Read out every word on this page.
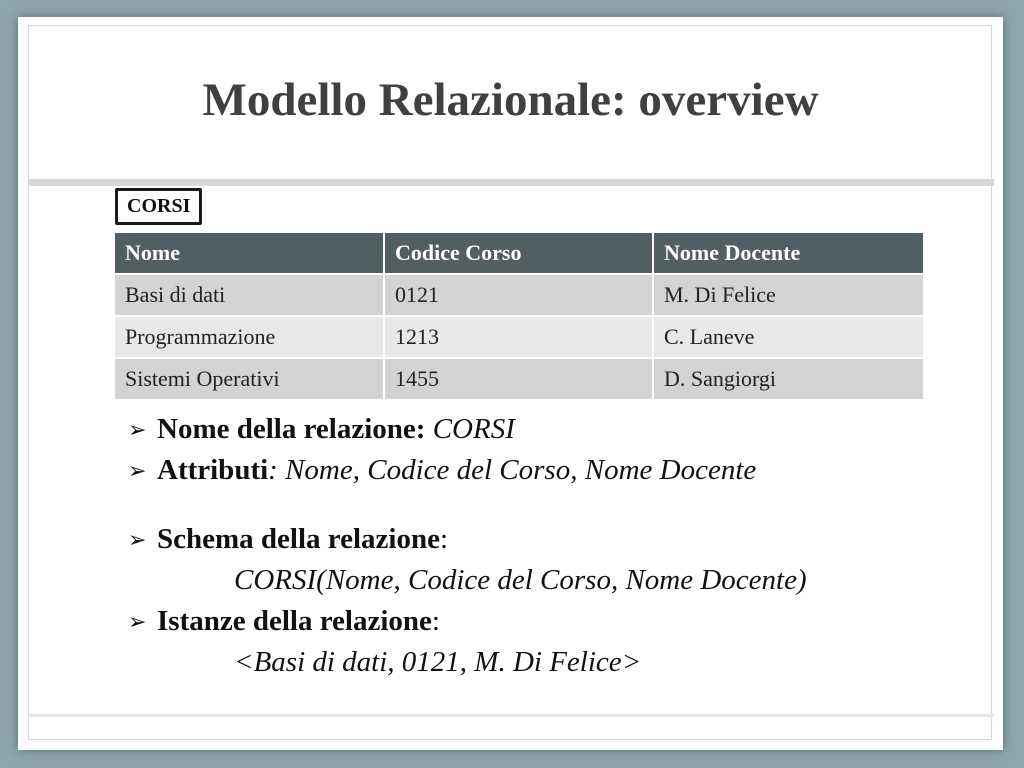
Modello Relazionale: overview
CORSI
Nome	Codice Corso	Nome Docente
Basi di dati	0121	M. Di Felice
Programmazione	1213	C. Laneve
Sistemi Operativi	1455	D. Sangiorgi
➢ Nome della relazione: CORSI
➢ Attributi: Nome, Codice del Corso, Nome Docente
➢ Schema della relazione:
CORSI(Nome, Codice del Corso, Nome Docente)
➢ Istanze della relazione:
<Basi di dati, 0121, M. Di Felice>
